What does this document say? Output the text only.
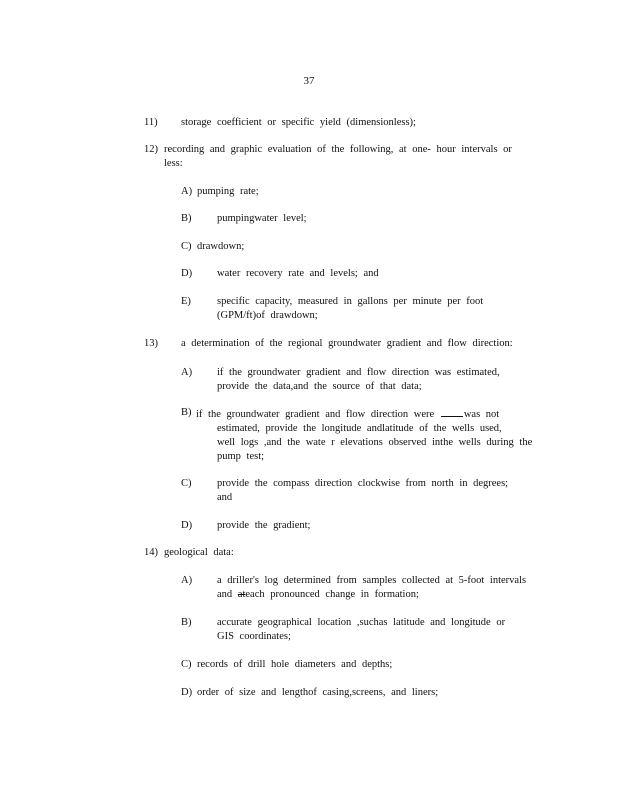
37
11)	storage coefficient or specific yield (dimensionless);
12) recording and graphic evaluation of the following, at one- hour intervals or
less:
A) pumping rate;
B)	pumpingwater level;
C) drawdown;
D)	water recovery rate and levels; and
E)	specific capacity, measured in gallons per minute per foot
(GPM/ft)of drawdown;
13)	a determination of the regional groundwater gradient and flow direction:
A)	if the groundwater gradient and flow direction was estimated,
provide the data,and the source of that data;
B) if the groundwater gradient and flow direction were	was not
estimated, provide the longitude andlatitude of the wells used,
well logs ,and the wate r elevations observed inthe wells during the
pump test;
C)	provide the compass direction clockwise from north in degrees;
and
D)	provide the gradient;
14) geological data:
A)	a driller's log determined from samples collected at 5-foot intervals
and ateach pronounced change in formation;
B)	accurate geographical location ,suchas latitude and longitude or
GIS coordinates;
C) records of drill hole diameters and depths;
D) order of size and lengthof casing,screens, and liners;
